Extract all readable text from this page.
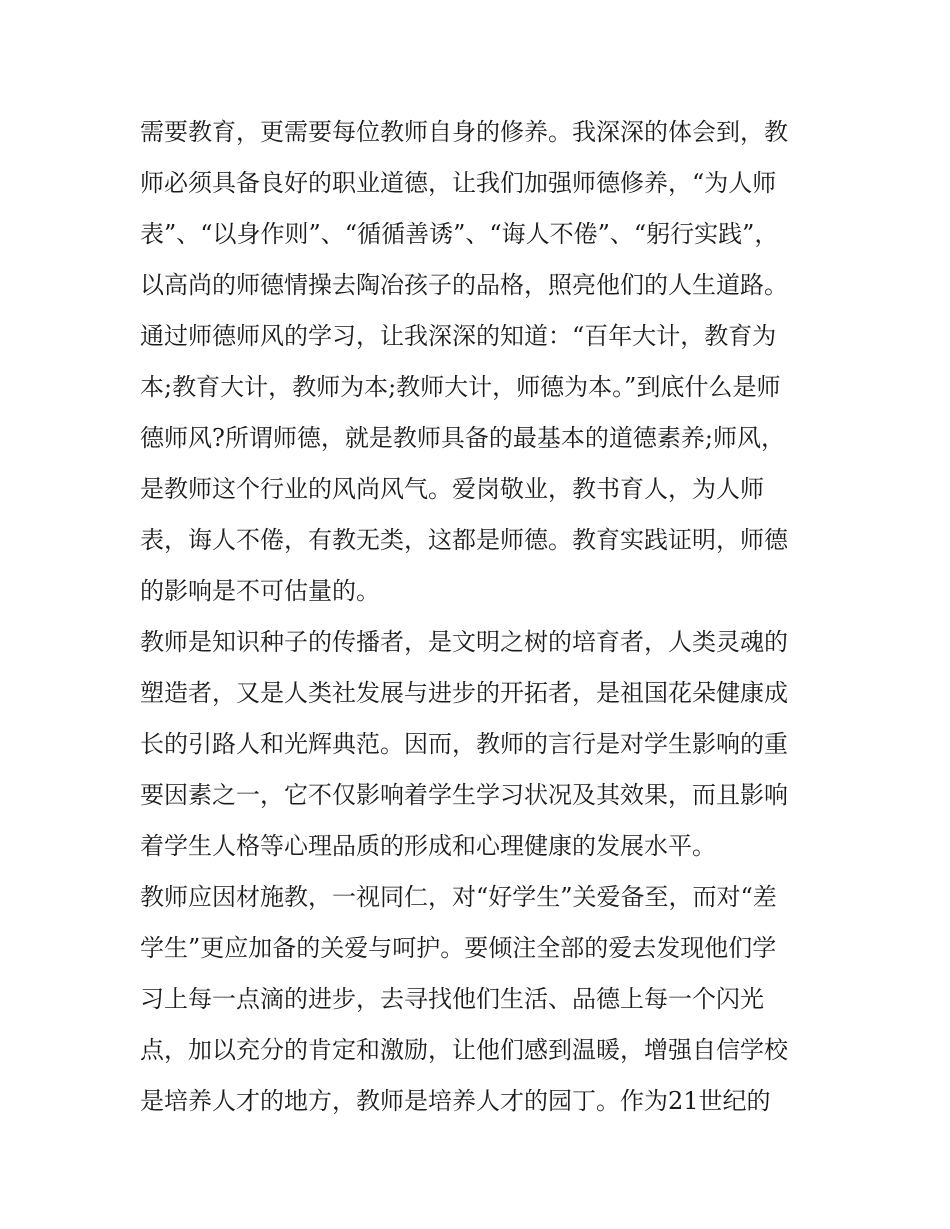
需要教育，更需要每位教师自身的修养。我深深的体会到，教
师必须具备良好的职业道德，让我们加强师德修养，“为人师
表”、“以身作则”、“循循善诱”、“诲人不倦”、“躬行实践”，
以高尚的师德情操去陶冶孩子的品格，照亮他们的人生道路。
通过师德师风的学习，让我深深的知道：“百年大计，教育为
本;教育大计，教师为本;教师大计，师德为本。”到底什么是师
德师风?所谓师德，就是教师具备的最基本的道德素养;师风，
是教师这个行业的风尚风气。爱岗敬业，教书育人，为人师
表，诲人不倦，有教无类，这都是师德。教育实践证明，师德
的影响是不可估量的。
教师是知识种子的传播者，是文明之树的培育者，人类灵魂的
塑造者，又是人类社发展与进步的开拓者，是祖国花朵健康成
长的引路人和光辉典范。因而，教师的言行是对学生影响的重
要因素之一，它不仅影响着学生学习状况及其效果，而且影响
着学生人格等心理品质的形成和心理健康的发展水平。
教师应因材施教，一视同仁，对“好学生”关爱备至，而对“差
学生”更应加备的关爱与呵护。要倾注全部的爱去发现他们学
习上每一点滴的进步，去寻找他们生活、品德上每一个闪光
点，加以充分的肯定和激励，让他们感到温暖，增强自信学校
是培养人才的地方，教师是培养人才的园丁。作为21世纪的
